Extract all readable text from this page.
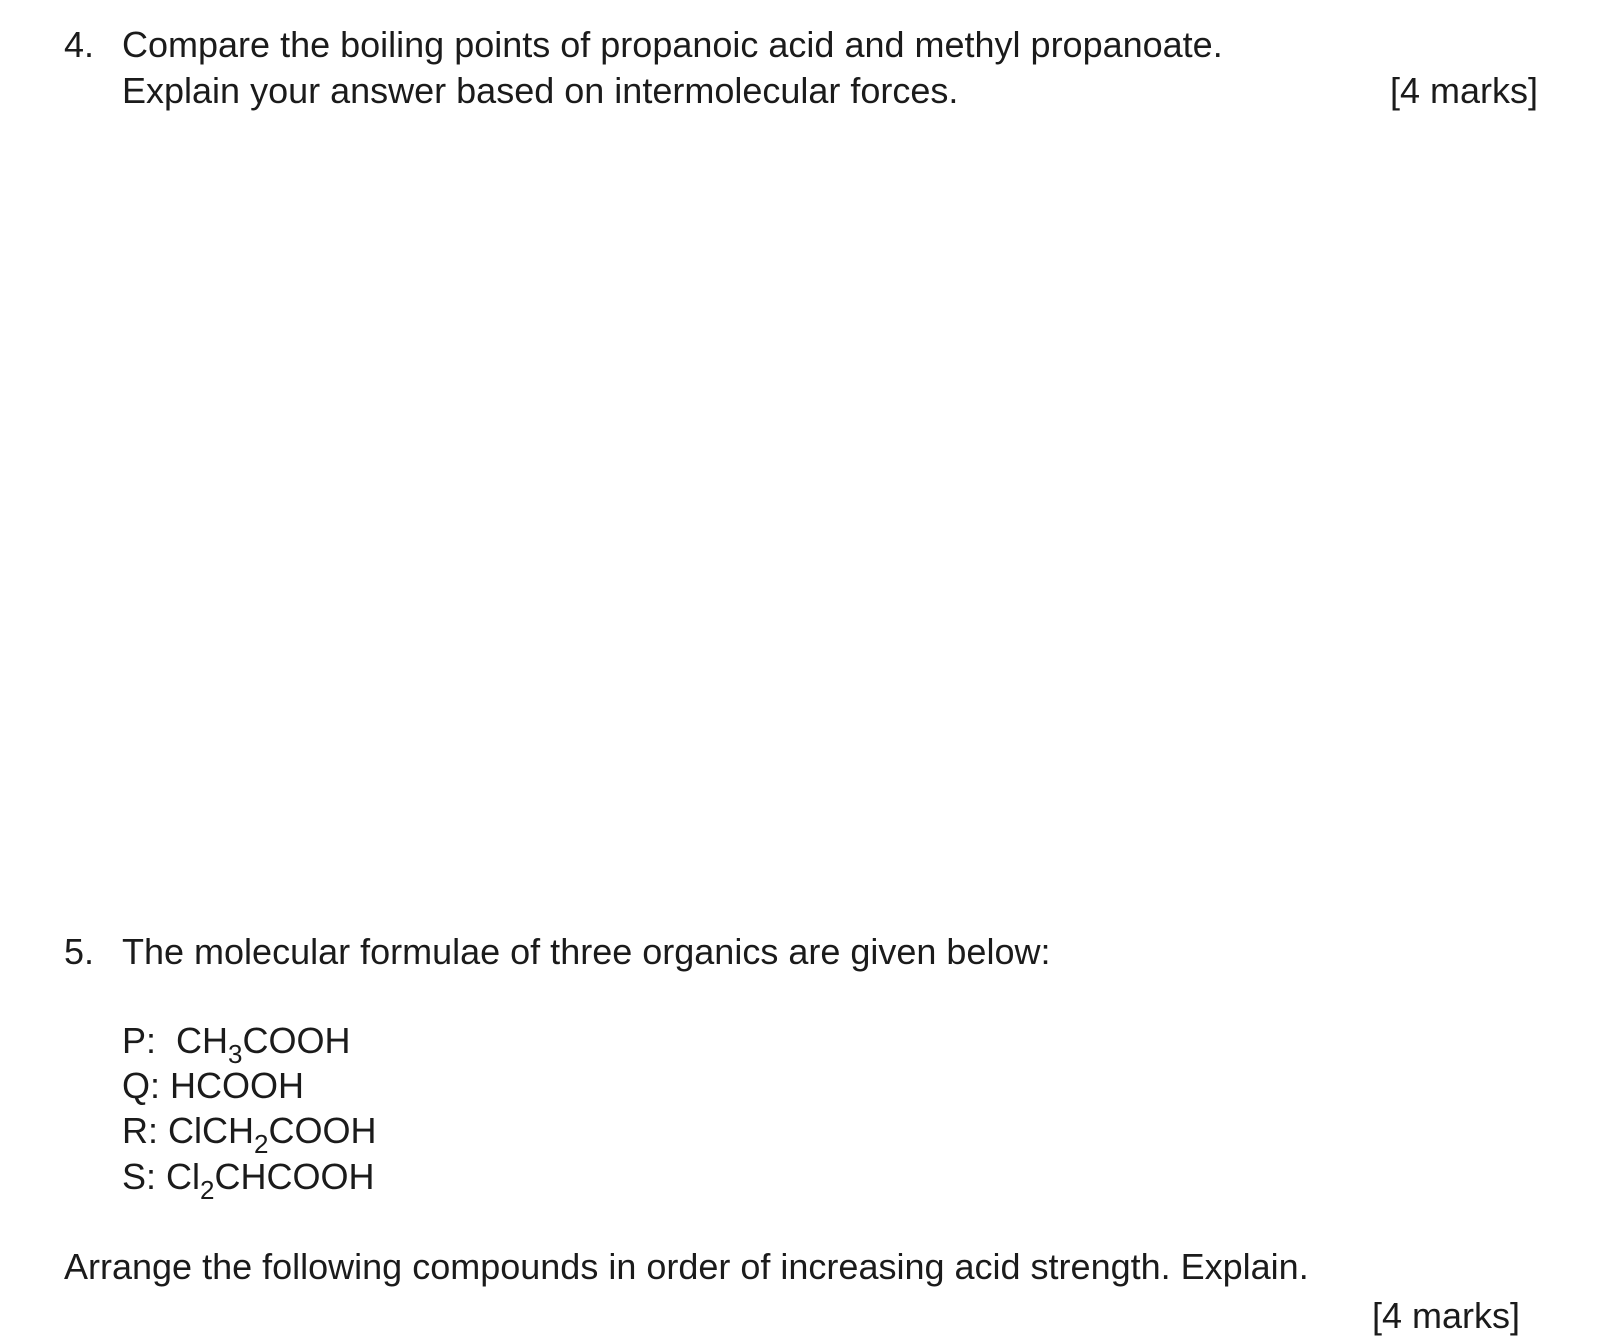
4. Compare the boiling points of propanoic acid and methyl propanoate.
Explain your answer based on intermolecular forces.	[4 marks]
5. The molecular formulae of three organics are given below:
P:  $CH_3COOH$
Q: HCOOH
R: ClCH$_2$COOH
S: $Cl_2CHCOOH$
Arrange the following compounds in order of increasing acid strength. Explain.
[4 marks]
